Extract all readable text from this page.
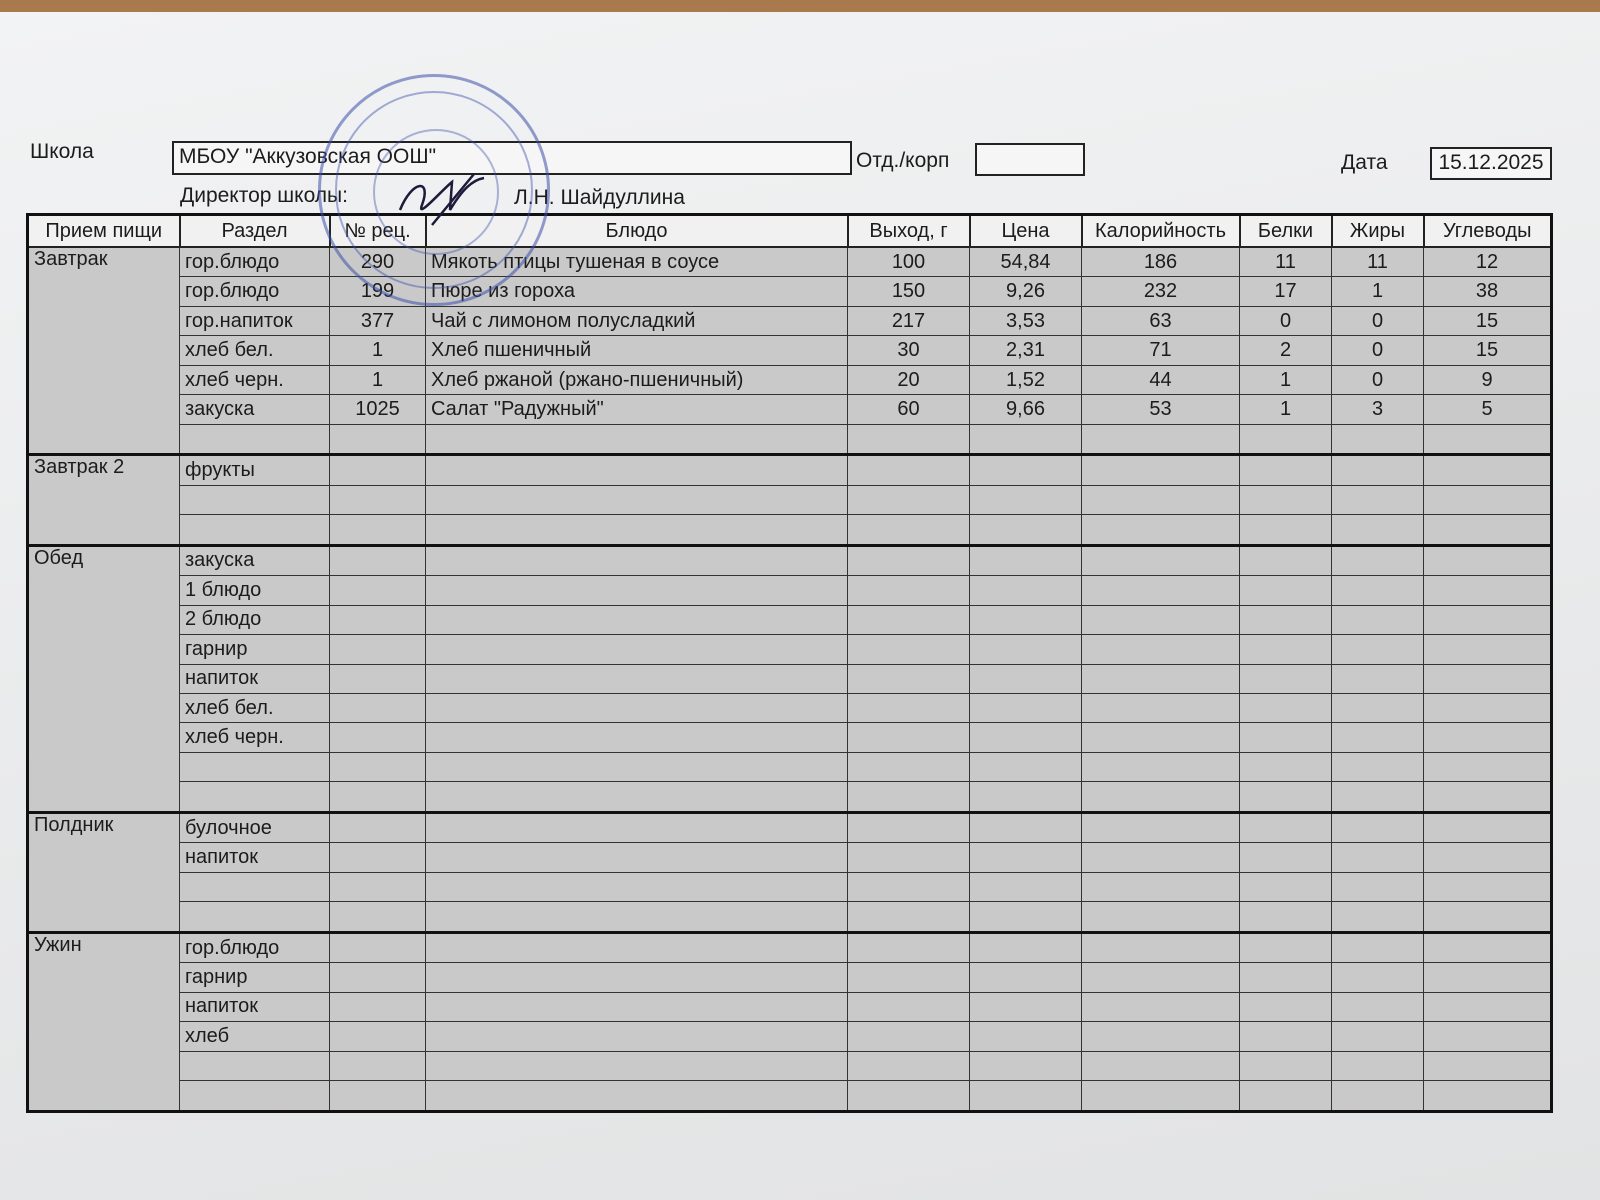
Школа	МБОУ "Аккузовская ООШ"	Отд./корп	Дата	15.12.2025
Директор школы:	Л.Н. Шайдуллина
Прием пищи	Раздел	№ рец.	Блюдо	Выход, г	Цена	Калорийность	Белки	Жиры	Углеводы
Завтрак	гор.блюдо	290	Мякоть птицы тушеная в соусе	100	54,84	186	11	11	12
	гор.блюдо	199	Пюре из гороха	150	9,26	232	17	1	38
	гор.напиток	377	Чай с лимоном полусладкий	217	3,53	63	0	0	15
	хлеб бел.	1	Хлеб пшеничный	30	2,31	71	2	0	15
	хлеб черн.	1	Хлеб ржаной (ржано-пшеничный)	20	1,52	44	1	0	9
	закуска	1025	Салат "Радужный"	60	9,66	53	1	3	5

Завтрак 2	фрукты								

Обед	закуска								
	1 блюдо								
	2 блюдо								
	гарнир								
	напиток								
	хлеб бел.								
	хлеб черн.								

Полдник	булочное								
	напиток								

Ужин	гор.блюдо								
	гарнир								
	напиток								
	хлеб								
